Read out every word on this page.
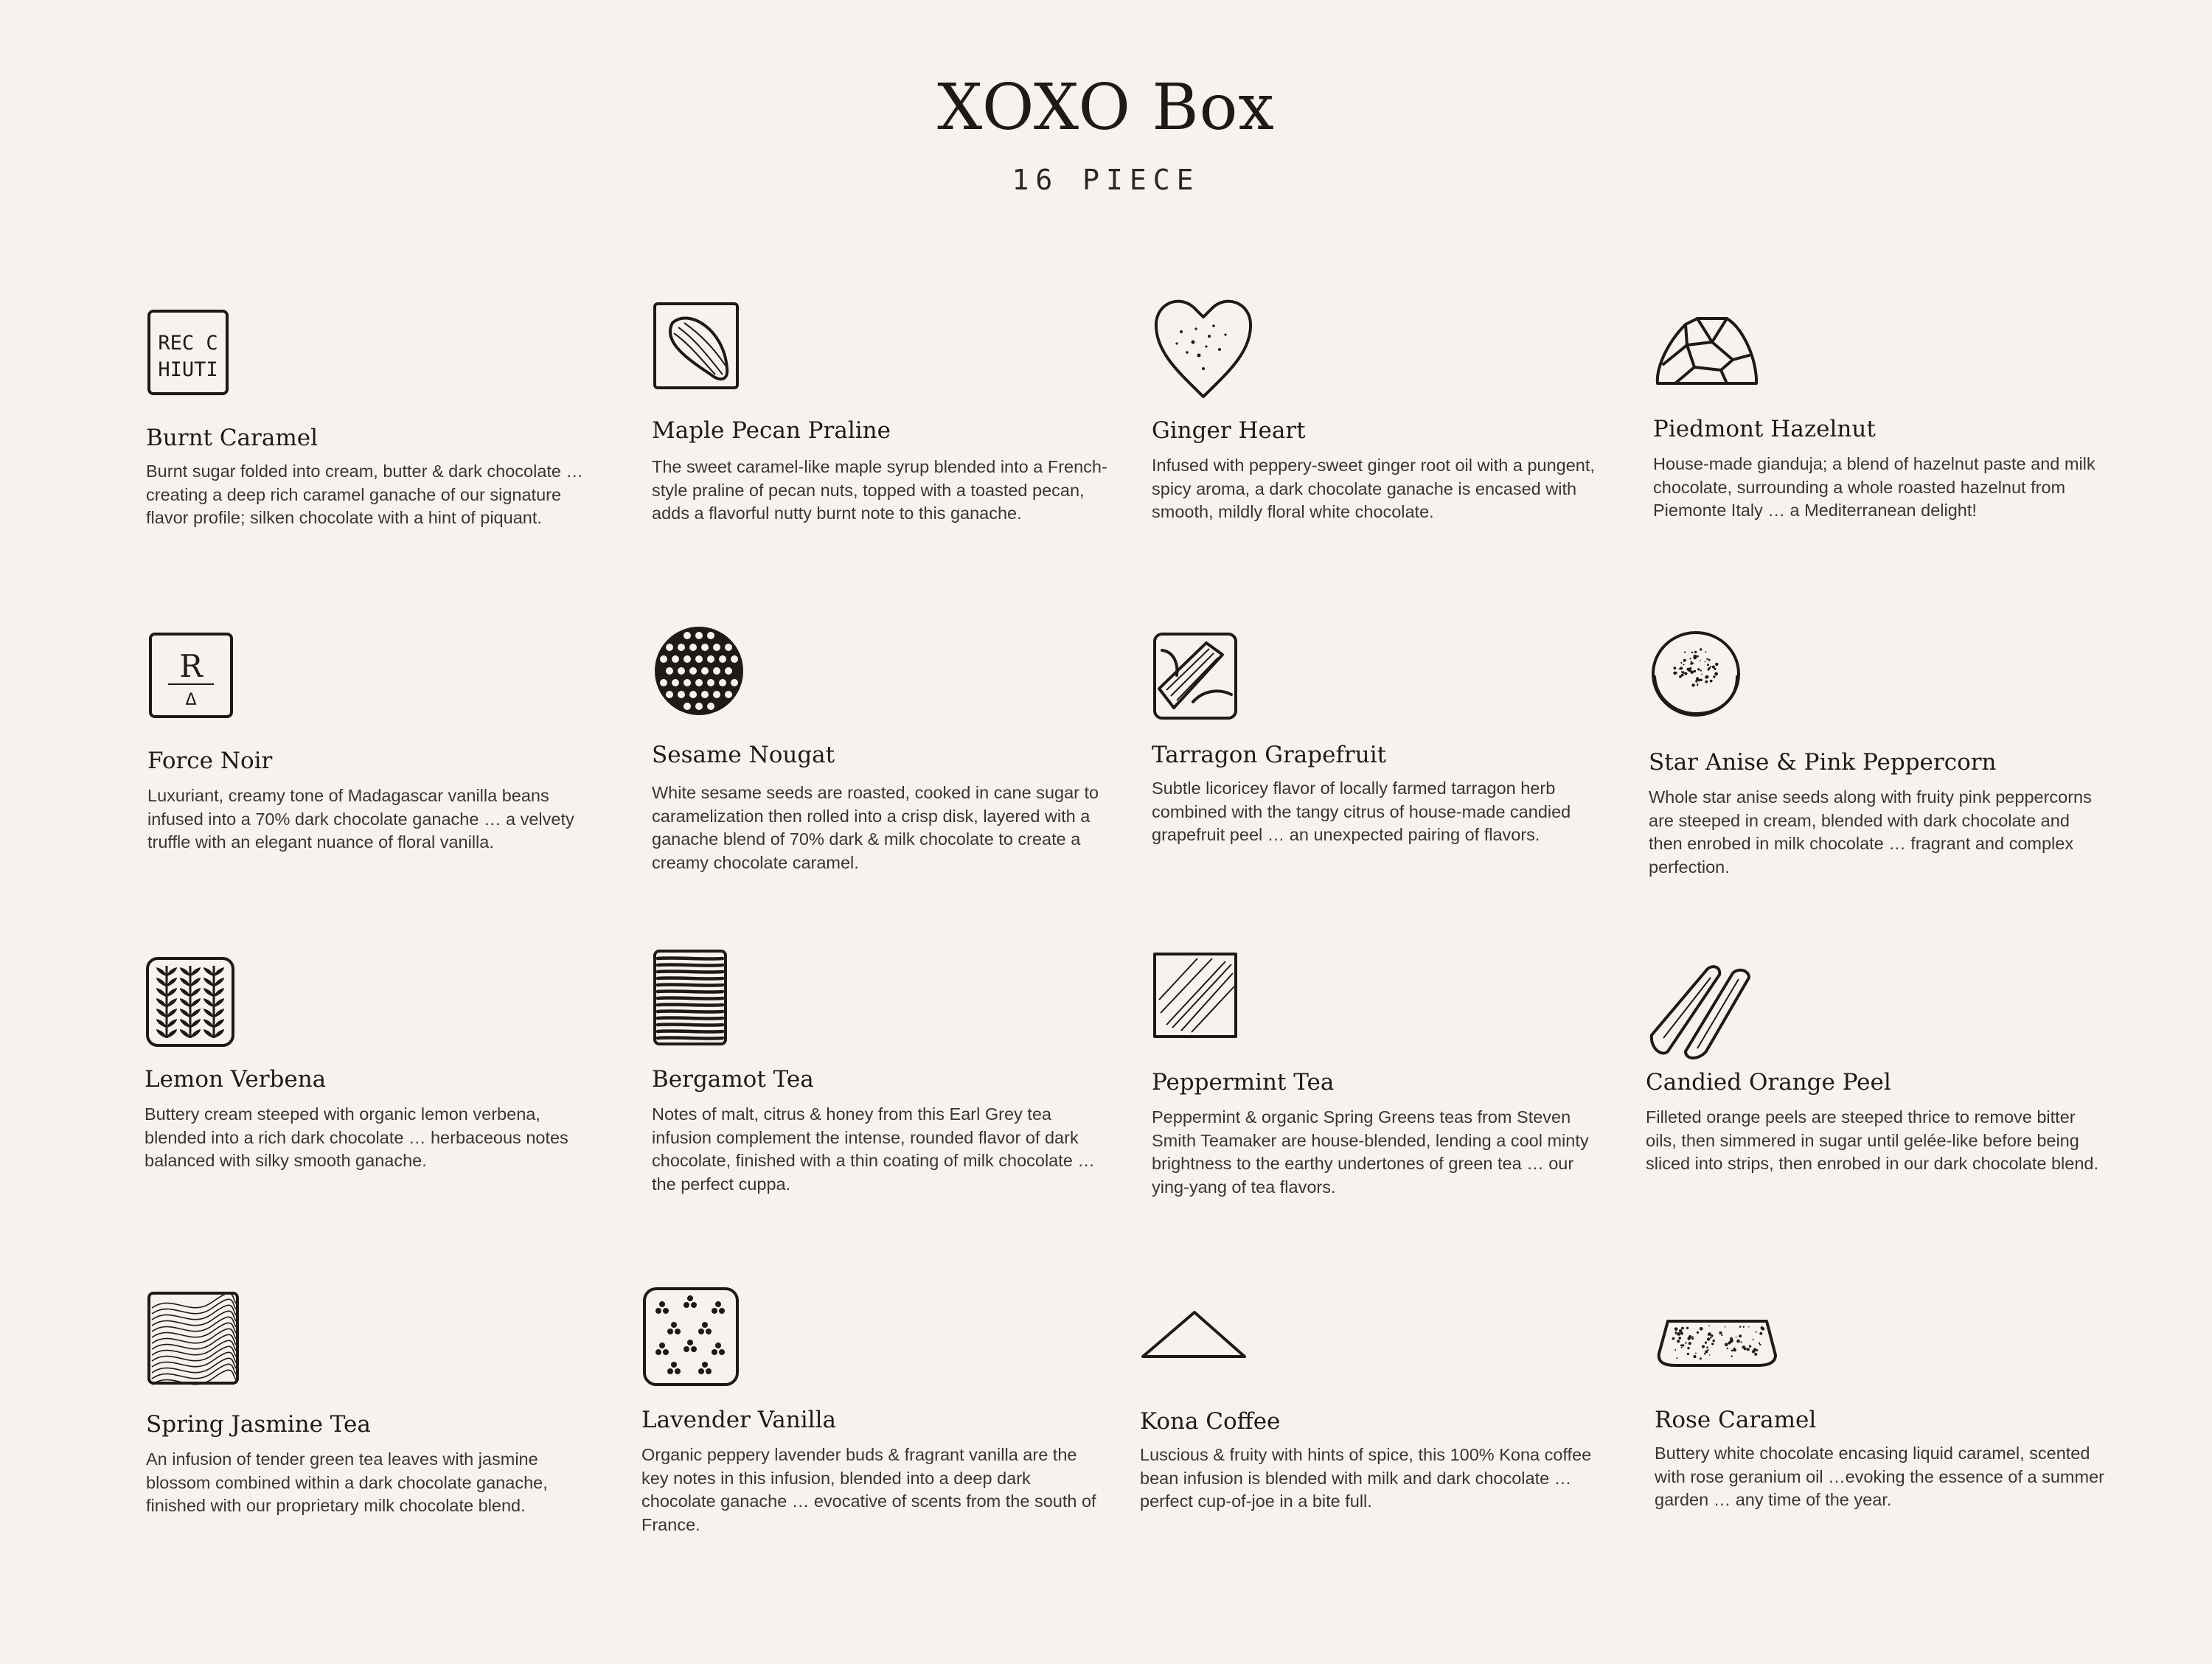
XOXO Box
16 PIECE
REC C
HIUTI
Burnt Caramel
Burnt sugar folded into cream, butter & dark chocolate … creating a deep rich caramel ganache of our signature flavor profile; silken chocolate with a hint of piquant.
Maple Pecan Praline
The sweet caramel-like maple syrup blended into a French-style praline of pecan nuts, topped with a toasted pecan, adds a flavorful nutty burnt note to this ganache.
Ginger Heart
Infused with peppery-sweet ginger root oil with a pungent, spicy aroma, a dark chocolate ganache is encased with smooth, mildly floral white chocolate.
Piedmont Hazelnut
House-made gianduja; a blend of hazelnut paste and milk chocolate, surrounding a whole roasted hazelnut from Piemonte Italy … a Mediterranean delight!
R
Δ
Force Noir
Luxuriant, creamy tone of Madagascar vanilla beans infused into a 70% dark chocolate ganache … a velvety truffle with an elegant nuance of floral vanilla.
Sesame Nougat
White sesame seeds are roasted, cooked in cane sugar to caramelization then rolled into a crisp disk, layered with a ganache blend of 70% dark & milk chocolate to create a creamy chocolate caramel.
Tarragon Grapefruit
Subtle licoricey flavor of locally farmed tarragon herb combined with the tangy citrus of house-made candied grapefruit peel … an unexpected pairing of flavors.
Star Anise & Pink Peppercorn
Whole star anise seeds along with fruity pink peppercorns are steeped in cream, blended with dark chocolate and then enrobed in milk chocolate … fragrant and complex perfection.
Lemon Verbena
Buttery cream steeped with organic lemon verbena, blended into a rich dark chocolate … herbaceous notes balanced with silky smooth ganache.
Bergamot Tea
Notes of malt, citrus & honey from this Earl Grey tea infusion complement the intense, rounded flavor of dark chocolate, finished with a thin coating of milk chocolate … the perfect cuppa.
Peppermint Tea
Peppermint & organic Spring Greens teas from Steven Smith Teamaker are house-blended, lending a cool minty brightness to the earthy undertones of green tea … our ying-yang of tea flavors.
Candied Orange Peel
Filleted orange peels are steeped thrice to remove bitter oils, then simmered in sugar until gelée-like before being sliced into strips, then enrobed in our dark chocolate blend.
Spring Jasmine Tea
An infusion of tender green tea leaves with jasmine blossom combined within a dark chocolate ganache, finished with our proprietary milk chocolate blend.
Lavender Vanilla
Organic peppery lavender buds & fragrant vanilla are the key notes in this infusion, blended into a deep dark chocolate ganache … evocative of scents from the south of France.
Kona Coffee
Luscious & fruity with hints of spice, this 100% Kona coffee bean infusion is blended with milk and dark chocolate … perfect cup-of-joe in a bite full.
Rose Caramel
Buttery white chocolate encasing liquid caramel, scented with rose geranium oil …evoking the essence of a summer garden … any time of the year.
